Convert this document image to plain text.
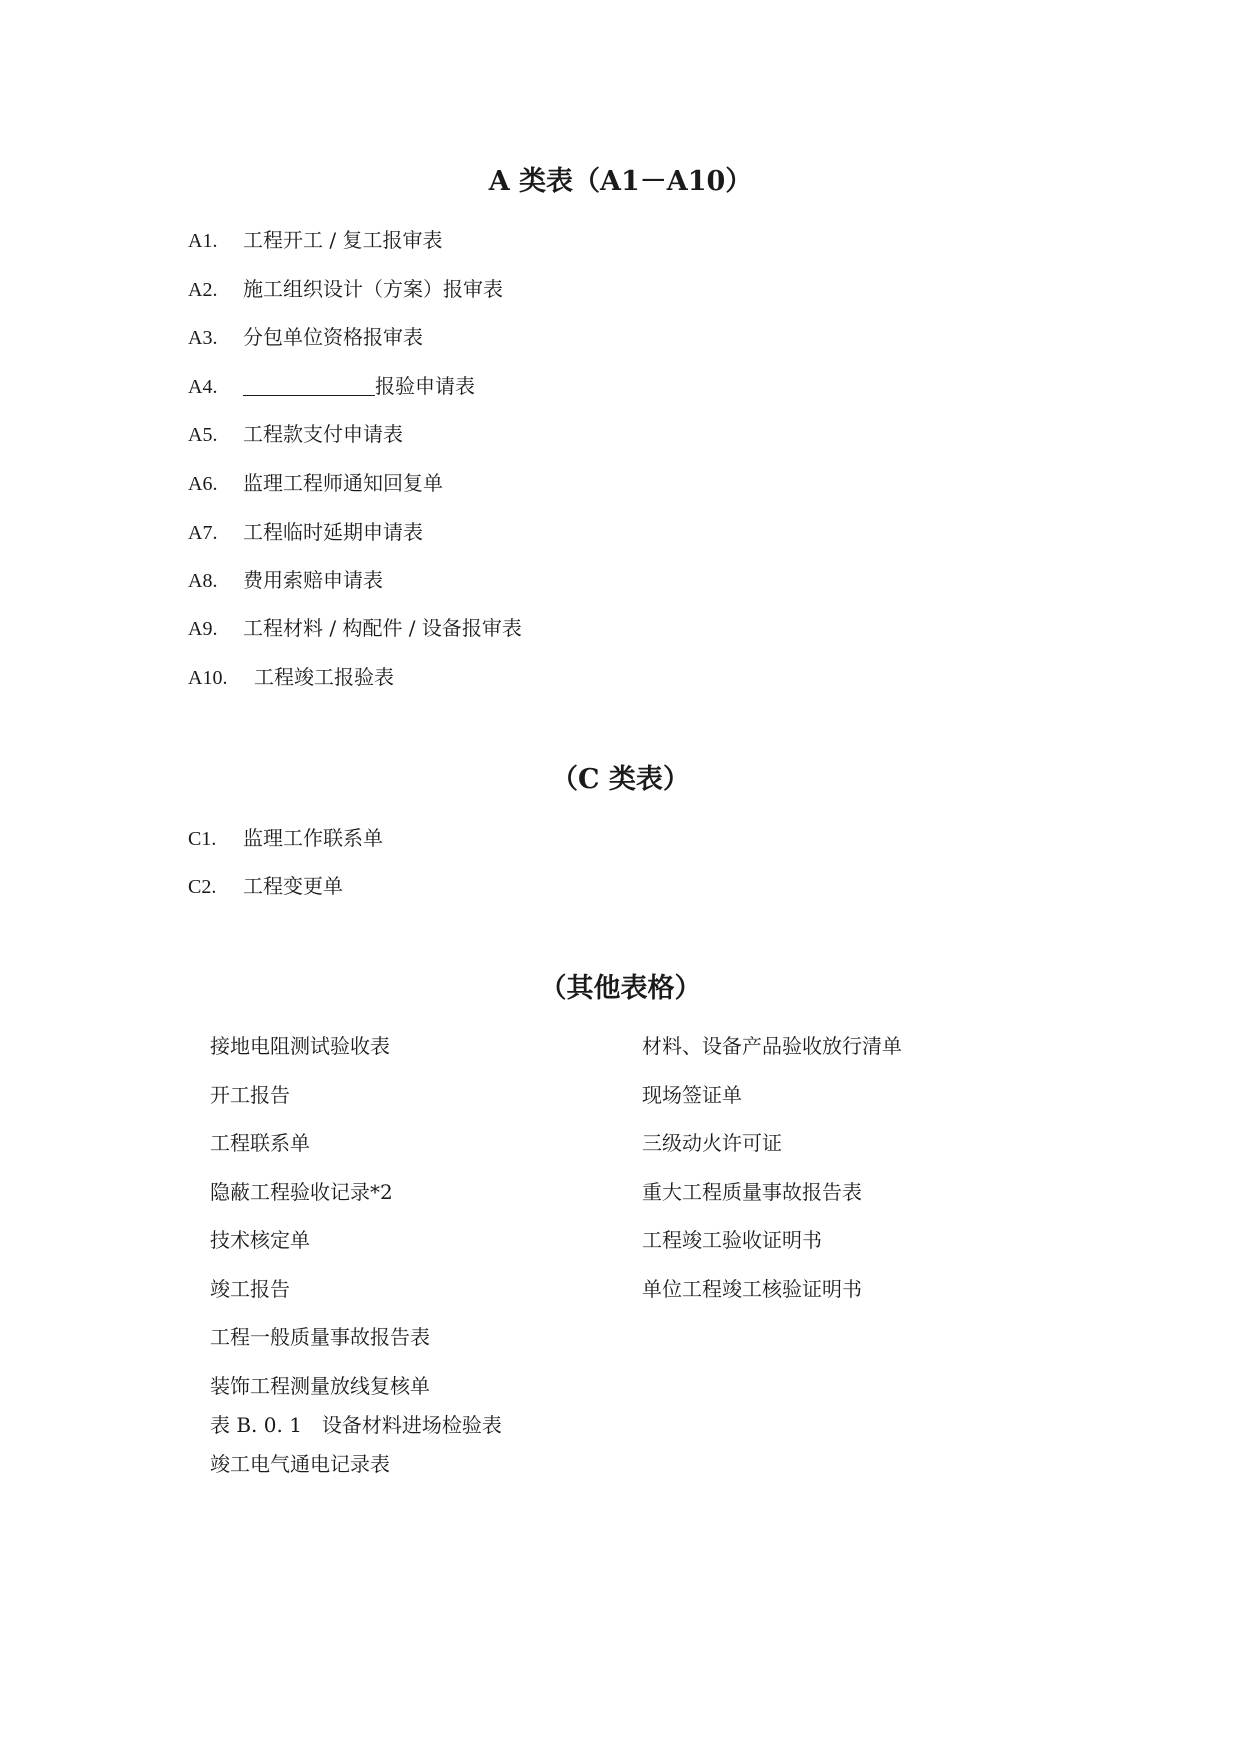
A 类表（A1－A10）
A1. 工程开工 / 复工报审表
A2. 施工组织设计（方案）报审表
A3. 分包单位资格报审表
A4.	报验申请表
A5. 工程款支付申请表
A6. 监理工程师通知回复单
A7. 工程临时延期申请表
A8. 费用索赔申请表
A9. 工程材料 / 构配件 / 设备报审表
A10. 工程竣工报验表
（C 类表）
C1. 监理工作联系单
C2. 工程变更单
（其他表格）
接地电阻测试验收表
开工报告
工程联系单
隐蔽工程验收记录*2
技术核定单
竣工报告
工程一般质量事故报告表
装饰工程测量放线复核单
表 B. 0. 1　设备材料进场检验表
竣工电气通电记录表
材料、设备产品验收放行清单
现场签证单
三级动火许可证
重大工程质量事故报告表
工程竣工验收证明书
单位工程竣工核验证明书
